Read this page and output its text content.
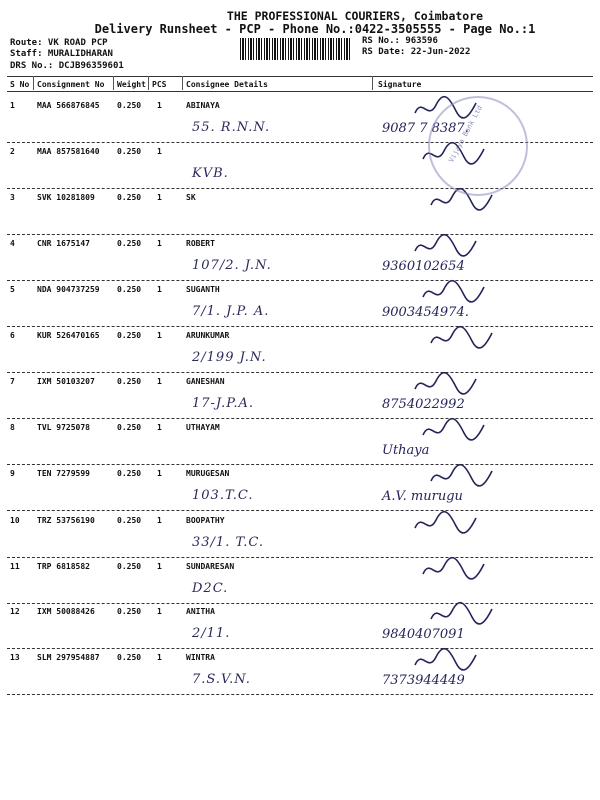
THE PROFESSIONAL COURIERS, Coimbatore
Delivery Runsheet - PCP - Phone No.:0422-3505555 - Page No.:1
Route: VK ROAD PCP
Staff: MURALIDHARAN
DRS No.: DCJB96359601
RS No.: 963596
RS Date: 22-Jun-2022
S No Consignment No Weight PCS Consignee Details	Signature
1	MAA 566876845 0.250 1	ABINAYA
55. R.N.N.	9087 7 8387.
2	MAA 857581640 0.250 1
KVB.
3	SVK 10281809	0.250 1	SK
4	CNR 1675147	0.250 1	ROBERT
107/2. J.N.	9360102654
5	NDA 904737259 0.250 1	SUGANTH
7/1. J.P. A.	9003454974.
6	KUR 526470165 0.250 1	ARUNKUMAR
2/199 J.N.
7	IXM 50103207	0.250 1	GANESHAN
17-J.P.A.	8754022992
8	TVL 9725078	0.250 1	UTHAYAM
Uthaya
9	TEN 7279599	0.250 1	MURUGESAN
103.T.C.	A.V. murugu
10 TRZ 53756190	0.250 1	BOOPATHY
33/1. T.C.
11 TRP 6818582	0.250 1	SUNDARESAN
D2C.
12 IXM 50088426	0.250 1	ANITHA
2/11.	9840407091
13 SLM 297954887 0.250 1	WINTRA
7.S.V.N.	7373944449
Vijaya Bank Ltd
